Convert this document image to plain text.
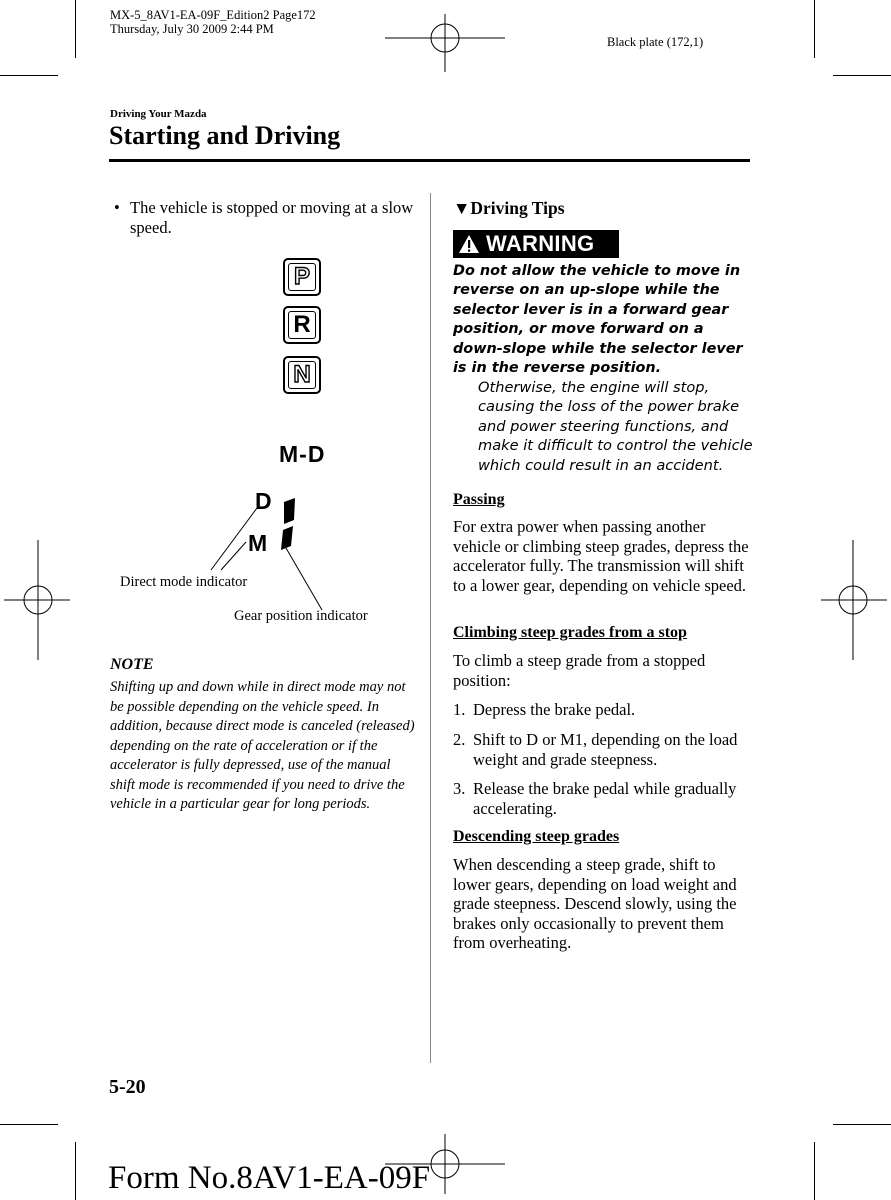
MX-5_8AV1-EA-09F_Edition2 Page172
Thursday, July 30 2009 2:44 PM
Black plate (172,1)
Driving Your Mazda
Starting and Driving
• The vehicle is stopped or moving at a slow speed.
P
R
N
M-D
D
M
Direct mode indicator
Gear position indicator
NOTE
Shifting up and down while in direct mode may not be possible depending on the vehicle speed. In addition, because direct mode is canceled (released) depending on the rate of acceleration or if the accelerator is fully depressed, use of the manual shift mode is recommended if you need to drive the vehicle in a particular gear for long periods.
▼Driving Tips
WARNING
Do not allow the vehicle to move in reverse on an up-slope while the selector lever is in a forward gear position, or move forward on a down-slope while the selector lever is in the reverse position.
Otherwise, the engine will stop, causing the loss of the power brake and power steering functions, and make it difficult to control the vehicle which could result in an accident.
Passing
For extra power when passing another vehicle or climbing steep grades, depress the accelerator fully. The transmission will shift to a lower gear, depending on vehicle speed.
Climbing steep grades from a stop
To climb a steep grade from a stopped position:
1. Depress the brake pedal.
2. Shift to D or M1, depending on the load weight and grade steepness.
3. Release the brake pedal while gradually accelerating.
Descending steep grades
When descending a steep grade, shift to lower gears, depending on load weight and grade steepness. Descend slowly, using the brakes only occasionally to prevent them from overheating.
5-20
Form No.8AV1-EA-09F
